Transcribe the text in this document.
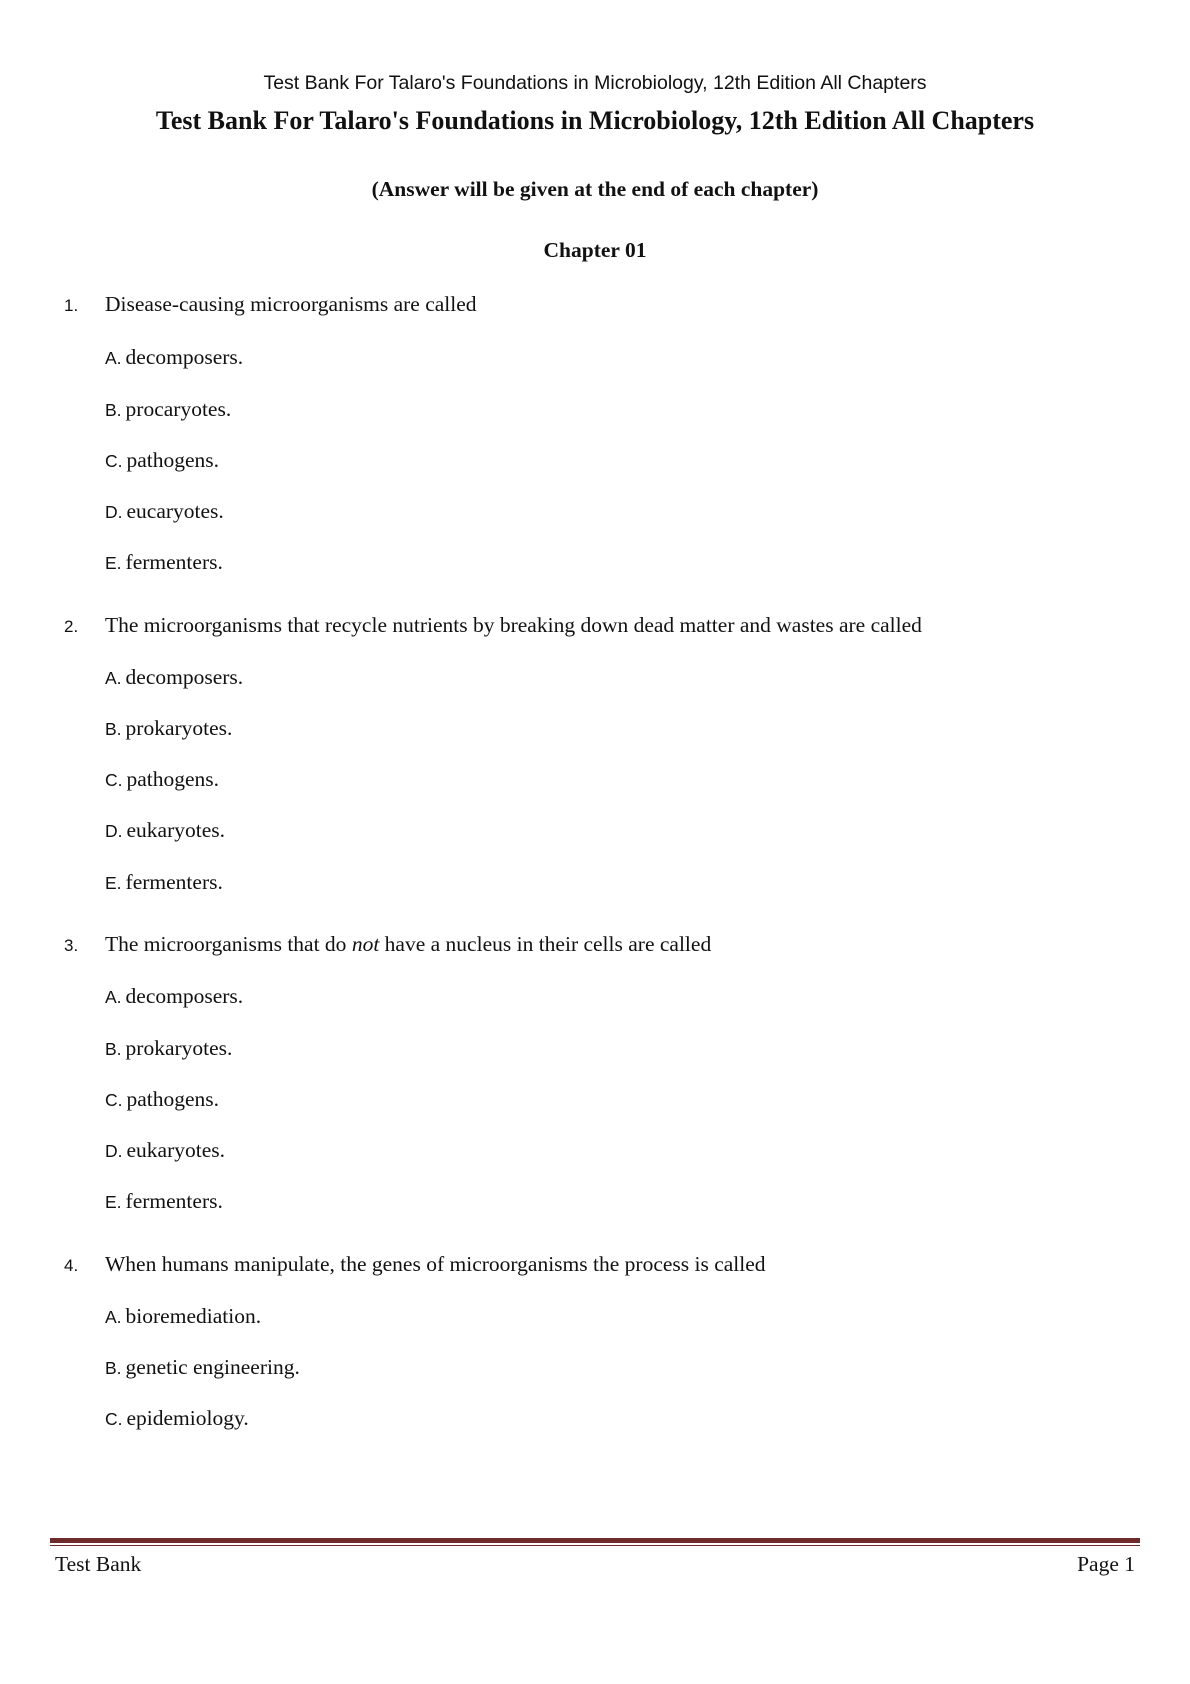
Test Bank For Talaro's Foundations in Microbiology, 12th Edition All Chapters
Test Bank For Talaro's Foundations in Microbiology, 12th Edition All Chapters
(Answer will be given at the end of each chapter)
Chapter 01
1.	Disease-causing microorganisms are called
A. decomposers.
B. procaryotes.
C. pathogens.
D. eucaryotes.
E. fermenters.
2.	The microorganisms that recycle nutrients by breaking down dead matter and wastes are called
A. decomposers.
B. prokaryotes.
C. pathogens.
D. eukaryotes.
E. fermenters.
3.	The microorganisms that do not have a nucleus in their cells are called
A. decomposers.
B. prokaryotes.
C. pathogens.
D. eukaryotes.
E. fermenters.
4.	When humans manipulate, the genes of microorganisms the process is called
A. bioremediation.
B. genetic engineering.
C. epidemiology.
Test Bank	Page 1
